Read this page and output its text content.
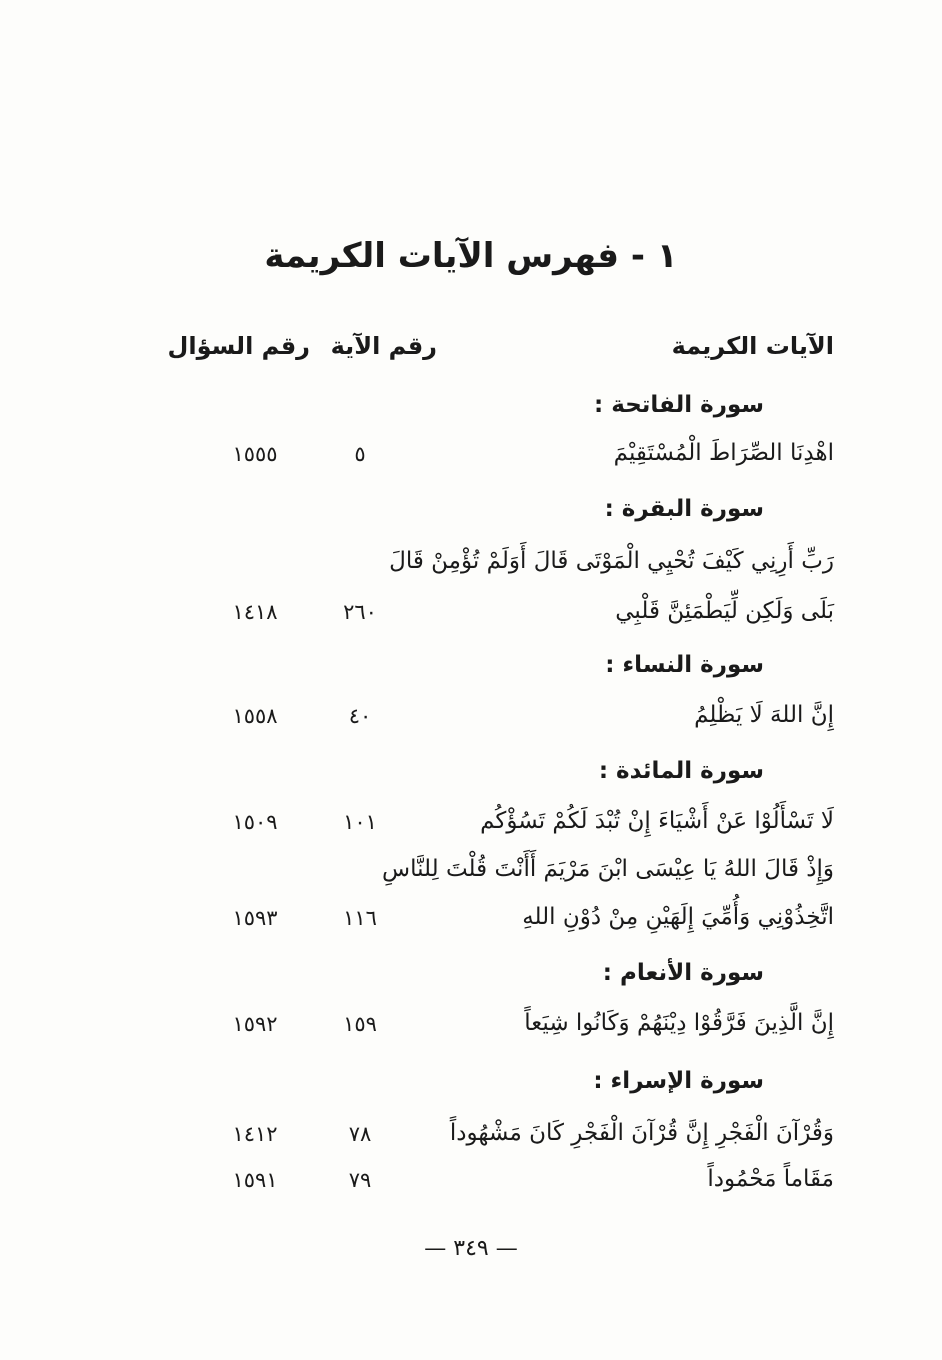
١ - فهرس الآيات الكريمة
الآيات الكريمة
رقم الآية
رقم السؤال
سورة الفاتحة :
اهْدِنَا الصِّرَاطَ الْمُسْتَقِيْمَ
٥
١٥٥٥
سورة البقرة :
رَبِّ أَرِنِي كَيْفَ تُحْيِي الْمَوْتَى قَالَ أَوَلَمْ تُؤْمِنْ قَالَ
بَلَى وَلَكِن لِّيَطْمَئِنَّ قَلْبِي
٢٦٠
١٤١٨
سورة النساء :
إِنَّ اللهَ لَا يَظْلِمُ
٤٠
١٥٥٨
سورة المائدة :
لَا تَسْأَلُوْا عَنْ أَشْيَاءَ إِنْ تُبْدَ لَكُمْ تَسُؤْكُم
١٠١
١٥٠٩
وَإِذْ قَالَ اللهُ يَا عِيْسَى ابْنَ مَرْيَمَ أَأَنْتَ قُلْتَ لِلنَّاسِ
اتَّخِذُوْنِي وَأُمِّيَ إِلَهَيْنِ مِنْ دُوْنِ اللهِ
١١٦
١٥٩٣
سورة الأنعام :
إِنَّ الَّذِينَ فَرَّقُوْا دِيْنَهُمْ وَكَانُوا شِيَعاً
١٥٩
١٥٩٢
سورة الإسراء :
وَقُرْآنَ الْفَجْرِ إِنَّ قُرْآنَ الْفَجْرِ كَانَ مَشْهُوداً
٧٨
١٤١٢
مَقَاماً مَحْمُوداً
٧٩
١٥٩١
— ٣٤٩ —
